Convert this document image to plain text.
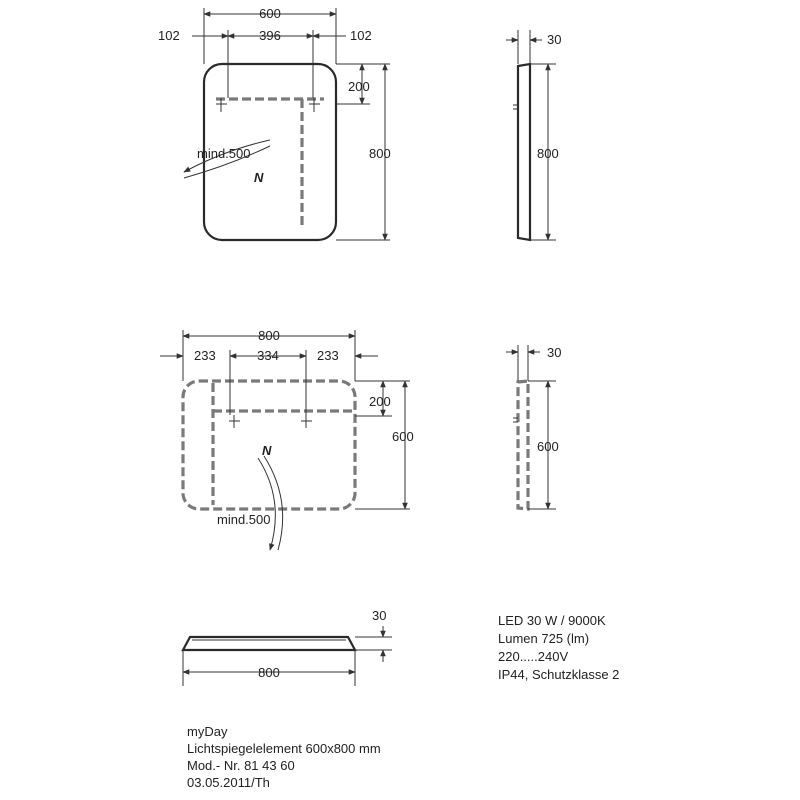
600
396
102	102
200
800
N
mind.500
30
800
800
233	334	233
200
600
N
mind.500
30
600
800
30	LED 30 W / 9000K
Lumen 725 (lm)
220.....240V
IP44, Schutzklasse 2
myDay
Lichtspiegelelement 600x800 mm
Mod.- Nr. 81 43 60
03.05.2011/Th
